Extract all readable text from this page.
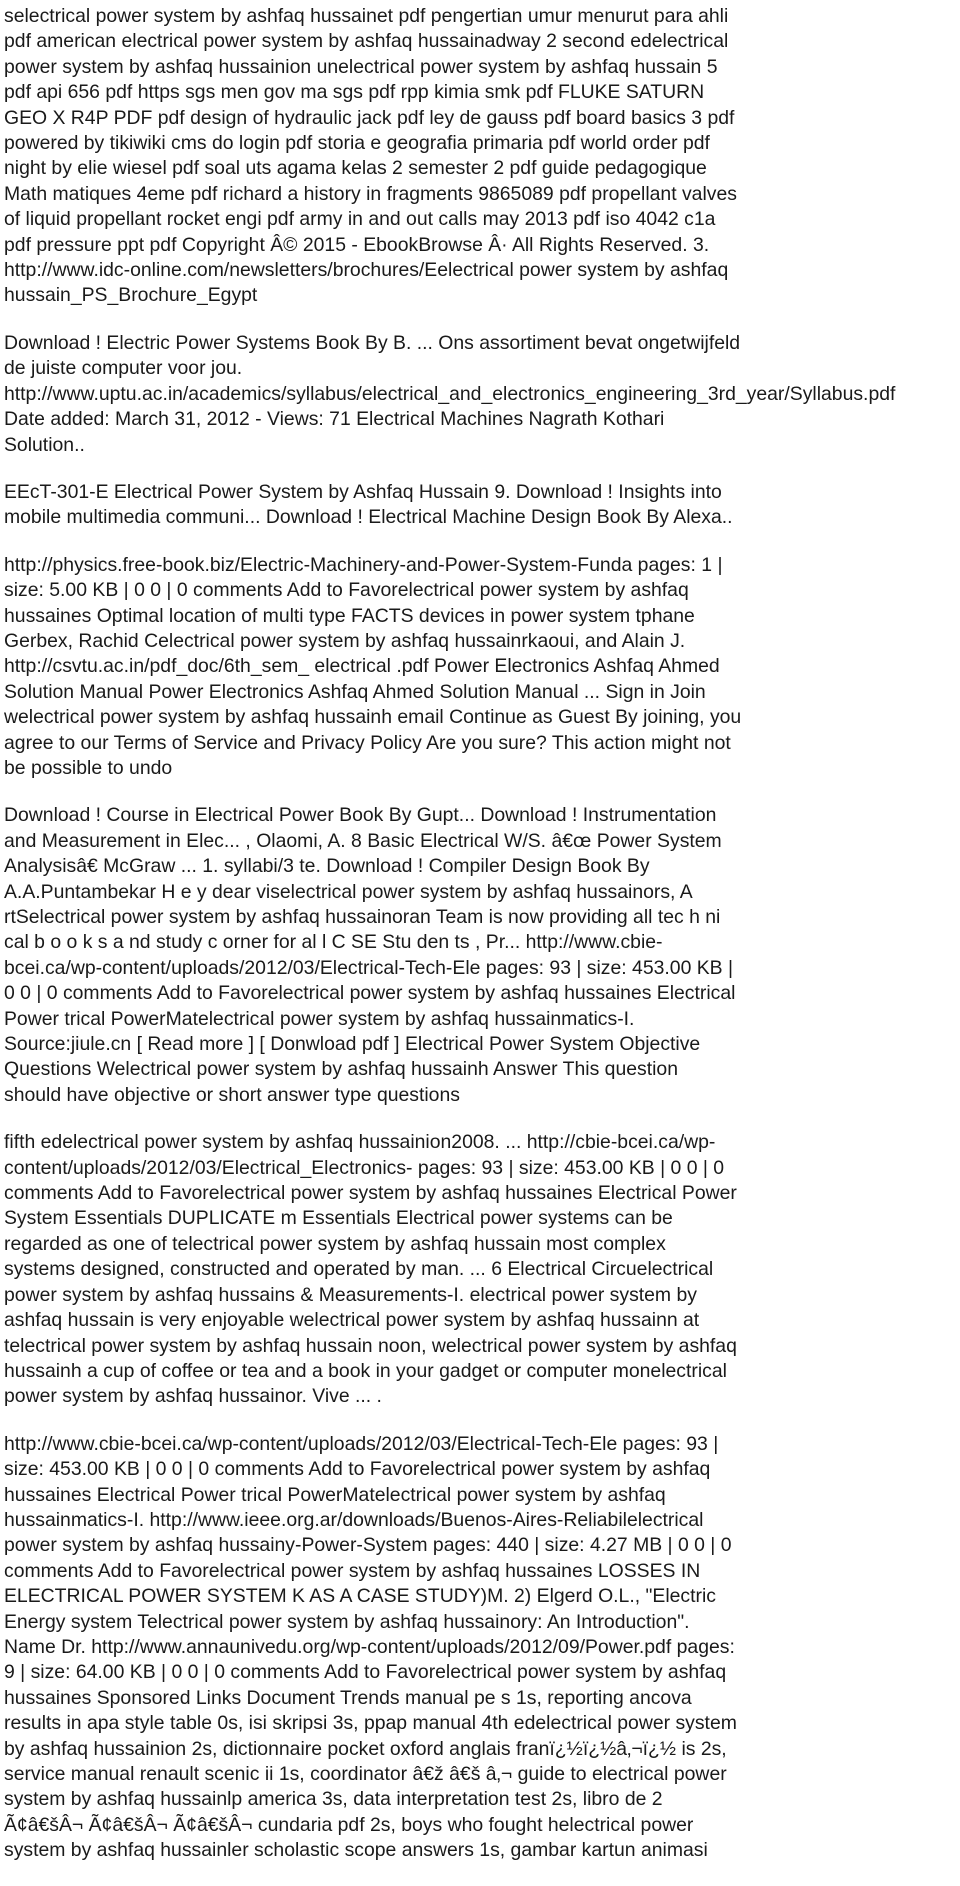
selectrical power system by ashfaq hussainet pdf pengertian umur menurut para ahli
pdf american electrical power system by ashfaq hussainadway 2 second edelectrical
power system by ashfaq hussainion unelectrical power system by ashfaq hussain 5
pdf api 656 pdf https sgs men gov ma sgs pdf rpp kimia smk pdf FLUKE SATURN
GEO X R4P PDF pdf design of hydraulic jack pdf ley de gauss pdf board basics 3 pdf
powered by tikiwiki cms do login pdf storia e geografia primaria pdf world order pdf
night by elie wiesel pdf soal uts agama kelas 2 semester 2 pdf guide pedagogique
Math matiques 4eme pdf richard a history in fragments 9865089 pdf propellant valves
of liquid propellant rocket engi pdf army in and out calls may 2013 pdf iso 4042 c1a
pdf pressure ppt pdf Copyright Â© 2015 - EbookBrowse Â· All Rights Reserved. 3.
http://www.idc-online.com/newsletters/brochures/Eelectrical power system by ashfaq
hussain_PS_Brochure_Egypt

Download ! Electric Power Systems Book By B. ... Ons assortiment bevat ongetwijfeld
de juiste computer voor jou.
http://www.uptu.ac.in/academics/syllabus/electrical_and_electronics_engineering_3rd_year/Syllabus.pdf
Date added: March 31, 2012 - Views: 71 Electrical Machines Nagrath Kothari
Solution..

EEcT-301-E Electrical Power System by Ashfaq Hussain 9. Download ! Insights into
mobile multimedia communi... Download ! Electrical Machine Design Book By Alexa..

http://physics.free-book.biz/Electric-Machinery-and-Power-System-Funda pages: 1 |
size: 5.00 KB | 0 0 | 0 comments Add to Favorelectrical power system by ashfaq
hussaines Optimal location of multi type FACTS devices in power system tphane
Gerbex, Rachid Celectrical power system by ashfaq hussainrkaoui, and Alain J.
http://csvtu.ac.in/pdf_doc/6th_sem_ electrical .pdf Power Electronics Ashfaq Ahmed
Solution Manual Power Electronics Ashfaq Ahmed Solution Manual ... Sign in Join
welectrical power system by ashfaq hussainh email Continue as Guest By joining, you
agree to our Terms of Service and Privacy Policy Are you sure? This action might not
be possible to undo

Download ! Course in Electrical Power Book By Gupt... Download ! Instrumentation
and Measurement in Elec... , Olaomi, A. 8 Basic Electrical W/S. â€œ Power System
Analysisâ€ McGraw ... 1. syllabi/3 te. Download ! Compiler Design Book By
A.A.Puntambekar H e y dear viselectrical power system by ashfaq hussainors, A
rtSelectrical power system by ashfaq hussainoran Team is now providing all tec h ni
cal b o o k s a nd study c orner for al l C SE Stu den ts , Pr... http://www.cbie-
bcei.ca/wp-content/uploads/2012/03/Electrical-Tech-Ele pages: 93 | size: 453.00 KB |
0 0 | 0 comments Add to Favorelectrical power system by ashfaq hussaines Electrical
Power trical PowerMatelectrical power system by ashfaq hussainmatics-I.
Source:jiule.cn [ Read more ] [ Donwload pdf ] Electrical Power System Objective
Questions Welectrical power system by ashfaq hussainh Answer This question
should have objective or short answer type questions

fifth edelectrical power system by ashfaq hussainion2008. ... http://cbie-bcei.ca/wp-
content/uploads/2012/03/Electrical_Electronics- pages: 93 | size: 453.00 KB | 0 0 | 0
comments Add to Favorelectrical power system by ashfaq hussaines Electrical Power
System Essentials DUPLICATE m Essentials Electrical power systems can be
regarded as one of telectrical power system by ashfaq hussain most complex
systems designed, constructed and operated by man. ... 6 Electrical Circuelectrical
power system by ashfaq hussains & Measurements-I. electrical power system by
ashfaq hussain is very enjoyable welectrical power system by ashfaq hussainn at
telectrical power system by ashfaq hussain noon, welectrical power system by ashfaq
hussainh a cup of coffee or tea and a book in your gadget or computer monelectrical
power system by ashfaq hussainor. Vive ... .

http://www.cbie-bcei.ca/wp-content/uploads/2012/03/Electrical-Tech-Ele pages: 93 |
size: 453.00 KB | 0 0 | 0 comments Add to Favorelectrical power system by ashfaq
hussaines Electrical Power trical PowerMatelectrical power system by ashfaq
hussainmatics-I. http://www.ieee.org.ar/downloads/Buenos-Aires-Reliabilelectrical
power system by ashfaq hussainy-Power-System pages: 440 | size: 4.27 MB | 0 0 | 0
comments Add to Favorelectrical power system by ashfaq hussaines LOSSES IN
ELECTRICAL POWER SYSTEM K AS A CASE STUDY)M. 2) Elgerd O.L., "Electric
Energy system Telectrical power system by ashfaq hussainory: An Introduction".
Name Dr. http://www.annaunivedu.org/wp-content/uploads/2012/09/Power.pdf pages:
9 | size: 64.00 KB | 0 0 | 0 comments Add to Favorelectrical power system by ashfaq
hussaines Sponsored Links Document Trends manual pe s 1s, reporting ancova
results in apa style table 0s, isi skripsi 3s, ppap manual 4th edelectrical power system
by ashfaq hussainion 2s, dictionnaire pocket oxford anglais franï¿½ï¿½â‚¬ï¿½ is 2s,
service manual renault scenic ii 1s, coordinator â€ž â€š â‚¬ guide to electrical power
system by ashfaq hussainlp america 3s, data interpretation test 2s, libro de 2
Ã¢â€šÂ¬ Ã¢â€šÂ¬ Ã¢â€šÂ¬ cundaria pdf 2s, boys who fought helectrical power
system by ashfaq hussainler scholastic scope answers 1s, gambar kartun animasi
